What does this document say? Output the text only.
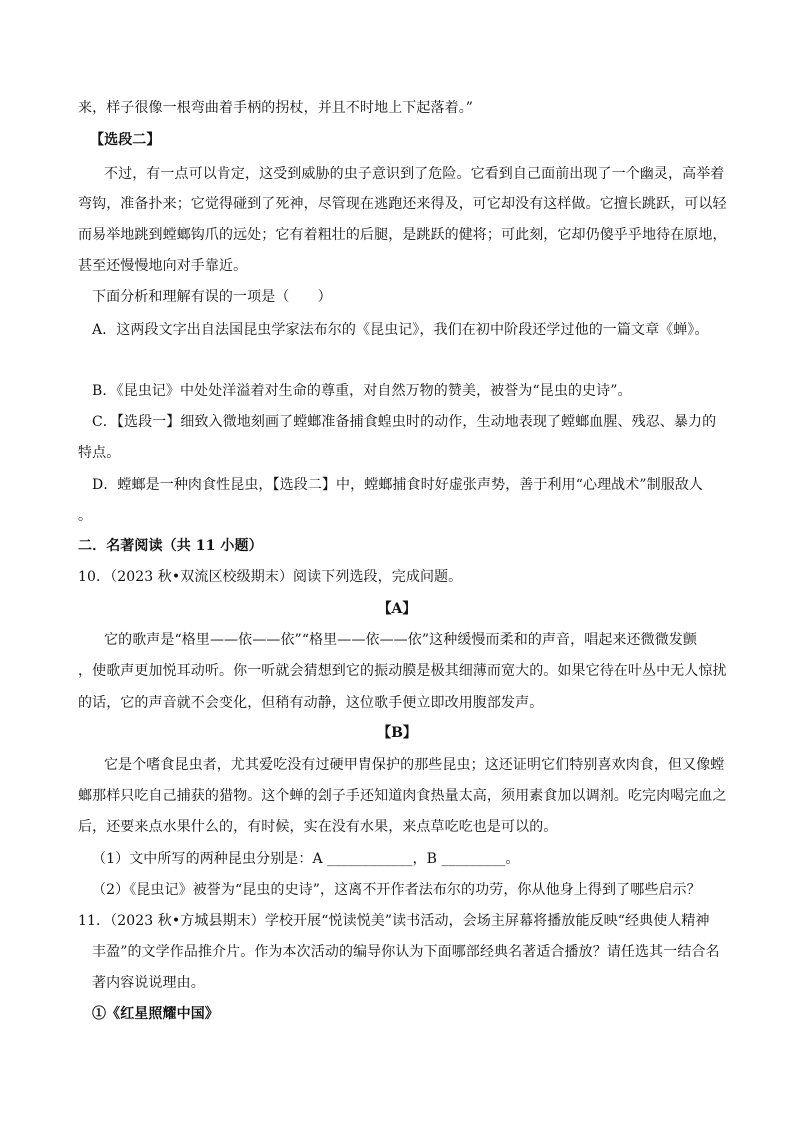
来，样子很像一根弯曲着手柄的拐杖，并且不时地上下起落着。”
【选段二】
不过，有一点可以肯定，这受到威胁的虫子意识到了危险。它看到自己面前出现了一个幽灵，高举着
弯钩，准备扑来；它觉得碰到了死神，尽管现在逃跑还来得及，可它却没有这样做。它擅长跳跃，可以轻
而易举地跳到螳螂钩爪的远处；它有着粗壮的后腿，是跳跃的健将；可此刻，它却仍傻乎乎地待在原地，
甚至还慢慢地向对手靠近。
下面分析和理解有误的一项是（　　）
A．这两段文字出自法国昆虫学家法布尔的《昆虫记》，我们在初中阶段还学过他的一篇文章《蝉》。
B．《昆虫记》中处处洋溢着对生命的尊重，对自然万物的赞美，被誉为“昆虫的史诗”。
C．【选段一】细致入微地刻画了螳螂准备捕食蝗虫时的动作，生动地表现了螳螂血腥、残忍、暴力的
特点。
D．螳螂是一种肉食性昆虫，【选段二】中，螳螂捕食时好虚张声势，善于利用“心理战术”制服敌人
。
二．名著阅读（共 11 小题）
10．（2023 秋•双流区校级期末）阅读下列选段，完成问题。
【A】
它的歌声是“格里——依——依”“格里——依——依”这种缓慢而柔和的声音，唱起来还微微发颤
，使歌声更加悦耳动听。你一听就会猜想到它的振动膜是极其细薄而宽大的。如果它待在叶丛中无人惊扰
的话，它的声音就不会变化，但稍有动静，这位歌手便立即改用腹部发声。
【B】
它是个嗜食昆虫者，尤其爱吃没有过硬甲胄保护的那些昆虫；这还证明它们特别喜欢肉食，但又像螳
螂那样只吃自己捕获的猎物。这个蝉的刽子手还知道肉食热量太高，须用素食加以调剂。吃完肉喝完血之
后，还要来点水果什么的，有时候，实在没有水果，来点草吃吃也是可以的。
（1）文中所写的两种昆虫分别是：A ____________，B _________。
（2）《昆虫记》被誉为“昆虫的史诗”，这离不开作者法布尔的功劳，你从他身上得到了哪些启示？
11．（2023 秋•方城县期末）学校开展“悦读悦美”读书活动，会场主屏幕将播放能反映“经典使人精神
丰盈”的文学作品推介片。作为本次活动的编导你认为下面哪部经典名著适合播放？请任选其一结合名
著内容说说理由。
①《红星照耀中国》
